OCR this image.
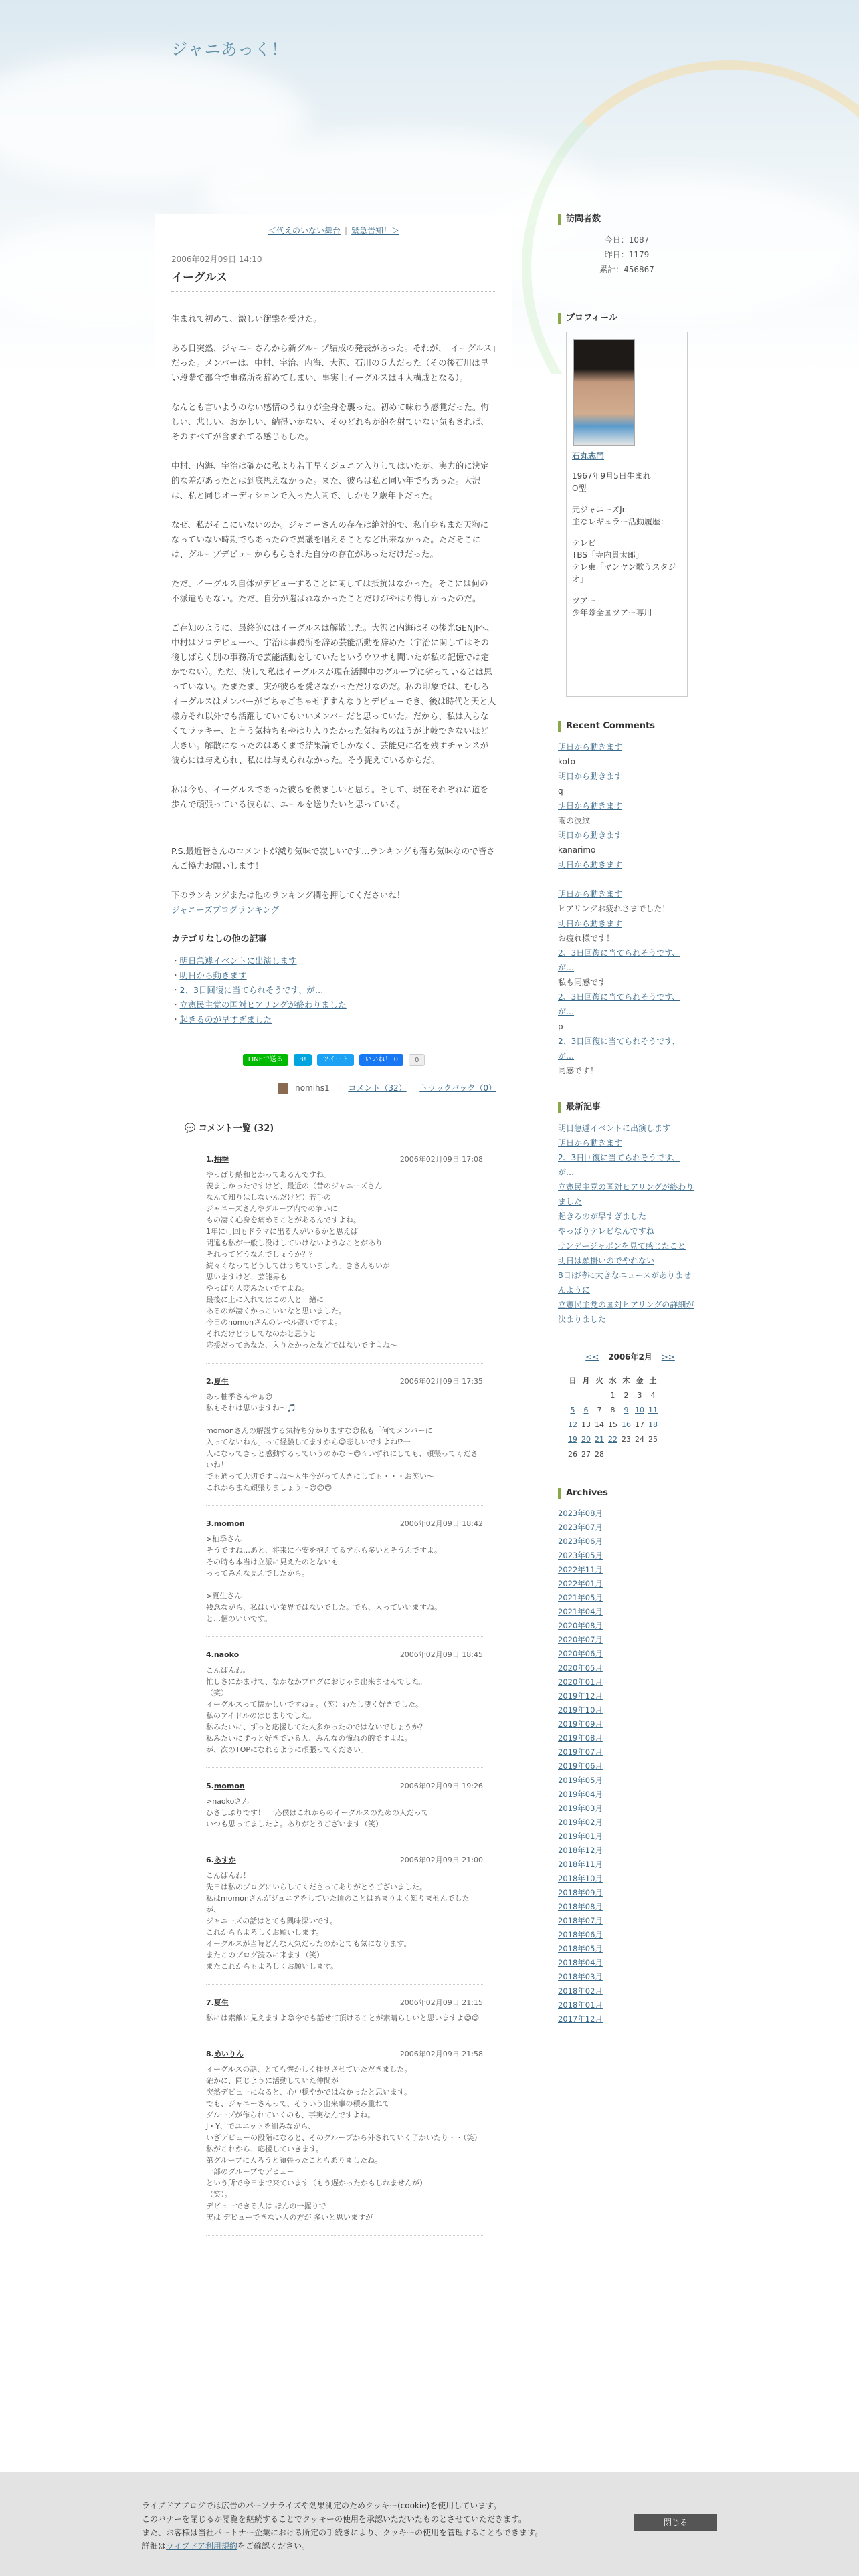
ジャニあっく！
＜代えのいない舞台 | 緊急告知！＞
2006年02月09日 14:10
イーグルス

生まれて初めて、激しい衝撃を受けた。

ある日突然、ジャニーさんから新グループ結成の発表があった。それが、「イーグルス」だった。メンバーは、中村、宇治、内海、大沢、石川の５人だった（その後石川は早い段階で都合で事務所を辞めてしまい、事実上イーグルスは４人構成となる）。

なんとも言いようのない感情のうねりが全身を襲った。初めて味わう感覚だった。悔しい、悲しい、おかしい、納得いかない、そのどれもが的を射ていない気もされば、そのすべてが含まれてる感じもした。

中村、内海、宇治は確かに私より若干早くジュニア入りしてはいたが、実力的に決定的な差があったとは到底思えなかった。また、彼らは私と同い年でもあった。大沢は、私と同じオーディションで入った人間で、しかも２歳年下だった。

なぜ、私がそこにいないのか。ジャニーさんの存在は絶対的で、私自身もまだ天狗になっていない時期でもあったので異議を唱えることなど出来なかった。ただそこには、グループデビューからもらされた自分の存在があっただけだった。

ただ、イーグルス自体がデビューすることに関しては抵抗はなかった。そこには何の不派遣ももない。ただ、自分が選ばれなかったことだけがやはり悔しかったのだ。

ご存知のように、最終的にはイーグルスは解散した。大沢と内海はその後光GENJIへ、中村はソロデビューへ、宇治は事務所を辞め芸能活動を辞めた（宇治に関してはその後しばらく別の事務所で芸能活動をしていたというウワサも聞いたが私の記憶では定かでない）。ただ、決して私はイーグルスが現在活躍中のグループに劣っているとは思っていない。たまたま、実が彼らを愛さなかっただけなのだ。私の印象では、むしろイーグルスはメンバーがごちゃごちゃせずすんなりとデビューでき、後は時代と天と人様方それ以外でも活躍していてもいいメンバーだと思っていた。だから、私は入らなくてラッキー、と言う気持ちもやはり入りたかった気持ちのほうが比較できないほど大きい。解散になったのはあくまで結果論でしかなく、芸能史に名を残すチャンスが彼らには与えられ、私には与えられなかった。そう捉えているからだ。

私は今も、イーグルスであった彼らを羨ましいと思う。そして、現在それぞれに道を歩んで頑張っている彼らに、エールを送りたいと思っている。

P.S.最近皆さんのコメントが減り気味で寂しいです…ランキングも落ち気味なので皆さんご協力お願いします！

下のランキングまたは他のランキング欄を押してくださいね！
ジャニーズブログランキング

カテゴリなしの他の記事
・ 明日急遽イベントに出演します
・ 明日から動きます
・ 2、3日回復に当てられそうです、が…
・ 立憲民主党の国対ヒアリングが終わりました
・ 起きるのが早すぎました
LINEで送る	B!	ツイート	いいね！ 0	0
nomihs1 | コメント（32） | トラックバック（0）
💬 コメント一覧 (32)
1.柚季	2006年02月09日 17:08
やっぱり納和とかってあるんですね。
羨ましかったですけど、最近の（昔のジャニーズさん
なんて知りはしないんだけど）若手の
ジャニーズさんやグループ内での争いに
もの凄く心身を痛めることがあるんですよね。
1年に可回もドラマに出る人がいるかと思えば
間違も私が一般し没はしていけないようなことがあり
それってどうなんでしょうか？？
続々くなってどうしてはうちていました。きさんもいが
思いますけど、芸能界も
やっぱり大変みたいですよね。
最後に上に入れてはこの人と一緒に
あるのが凄くかっこいいなと思いました。
今日のnomonさんのレベル高いですよ。
それだけどうしてなのかと思うと
応援だってあなた、入りたかったなどではないですよね〜
2.夏生	2006年02月09日 17:35
あっ柚季さんやぁ😊
私もそれは思いますね〜🎵

momonさんの解説する気持ち分かりますな😊私も「何でメンバーに
入ってないねん」って経験してますから😊悲しいですよね⁉一
人になってきっと感動するっていうのかな〜😊☆いずれにしても、頑張ってくださいね！
でも通って大切ですよね〜人生今がって大きにしても・・・お笑い〜
これからまた頑張りましょう〜😊😊😊
3.momon	2006年02月09日 18:42
>柚季さん
そうですね…あと、将来に不安を抱えてるアホも多いとそうんですよ。
その時も本当は立派に見えたのとないも
っってみんな見んでしたから。

>夏生さん
残念ながら、私はいい業界ではないでした。でも、入っていいますね。
と…個のいいです。
4.naoko	2006年02月09日 18:45
こんばんわ。
忙しさにかまけて、なかなかブログにおじゃま出来ませんでした。
（笑）
イーグルスって懐かしいですねぇ。（笑）わたし凄く好きでした。
私のアイドルのはじまりでした。
私みたいに、ずっと応援してた人多かったのではないでしょうか？
私みたいにずっと好きでいる人、みんなの憧れの的ですよね。
が、次のTOPになれるように頑張ってください。
5.momon	2006年02月09日 19:26
>naokoさん
ひさしぶりです！ 一応僕はこれからのイーグルスのための人だって
いつも思ってましたよ。ありがとうございます（笑）
6.あすか	2006年02月09日 21:00
こんばんわ！
先日は私のブログにいらしてくださってありがとうございました。
私はmomonさんがジュニアをしていた頃のことはあまりよく知りませんでしたが、
ジャニーズの話はとても興味深いです。
これからもよろしくお願いします。
イーグルスが当時どんな人気だったのかとても気になります。
またこのブログ読みに来ます（笑）
またこれからもよろしくお願いします。
7.夏生	2006年02月09日 21:15
私には素敵に見えますよ😊今でも話せて頂けることが素晴らしいと思いますよ😊😊
8.めいりん	2006年02月09日 21:58
イーグルスの話、とても懐かしく拝見させていただきました。
確かに、同じように活動していた仲間が
突然デビューになると、心中穏やかではなかったと思います。
でも、ジャニーさんって、そういう出来事の積み重ねて
グループが作られていくのも、事実なんですよね。
J・Y、でユニットを組みながら、
いざデビューの段階になると、そのグループから外されていく子がいたり・・（笑）
私がこれから、応援していきます。
第グループに入ろうと頑張ったこともありましたね。
一部のグループでデビュー
という所で今日まで来ています（もう遅かったかもしれませんが）
（笑）。
デビューできる人は ほんの一握りで
実は デビューできない人の方が 多いと思いますが
訪問者数
今日：1087
昨日：1179
累計：456867
プロフィール
石丸志門
1967年9月5日生まれ
O型
元ジャニーズJr.
主なレギュラー活動履歴：
テレビ
TBS「寺内貫太郎」
テレ東「ヤンヤン歌うスタジオ」
ツアー
少年隊全国ツアー専用
Recent Comments
明日から動きます
koto
明日から動きます
q
明日から動きます
雨の波紋
明日から動きます
kanarimo
明日から動きます
明日から動きます
ヒアリングお疲れさまでした！
明日から動きます
お疲れ様です！
2、3日回復に当てられそうです、が…
私も同感です
2、3日回復に当てられそうです、が…
p
2、3日回復に当てられそうです、が…
同感です！
最新記事
明日急遽イベントに出演します
明日から動きます
2、3日回復に当てられそうです、が…
立憲民主党の国対ヒアリングが終わりました
起きるのが早すぎました
やっぱりテレビなんですね
サンデージャポンを見て感じたこと
明日は願掛いのでやれない
8日は特に大きなニュースがありませんように
立憲民主党の国対ヒアリングの詳細が決まりました
<< 2006年2月 >>
日	月	火	水	木	金	土
			1	2	3	4
5	6	7	8	9	10	11
12	13	14	15	16	17	18
19	20	21	22	23	24	25
26	27	28				
Archives
2023年08月
2023年07月
2023年06月
2023年05月
2022年11月
2022年01月
2021年05月
2021年04月
2020年08月
2020年07月
2020年06月
2020年05月
2020年01月
2019年12月
2019年10月
2019年09月
2019年08月
2019年07月
2019年06月
2019年05月
2019年04月
2019年03月
2019年02月
2019年01月
2018年12月
2018年11月
2018年10月
2018年09月
2018年08月
2018年07月
2018年06月
2018年05月
2018年04月
2018年03月
2018年02月
2018年01月
2017年12月
ライブドアブログでは広告のパーソナライズや効果測定のためクッキー(cookie)を使用しています。
このバナーを閉じるか閲覧を継続することでクッキーの使用を承認いただいたものとさせていただきます。
また、お客様は当社パートナー企業における所定の手続きにより、クッキーの使用を管理することもできます。
詳細はライブドア利用規約をご確認ください。
閉じる
